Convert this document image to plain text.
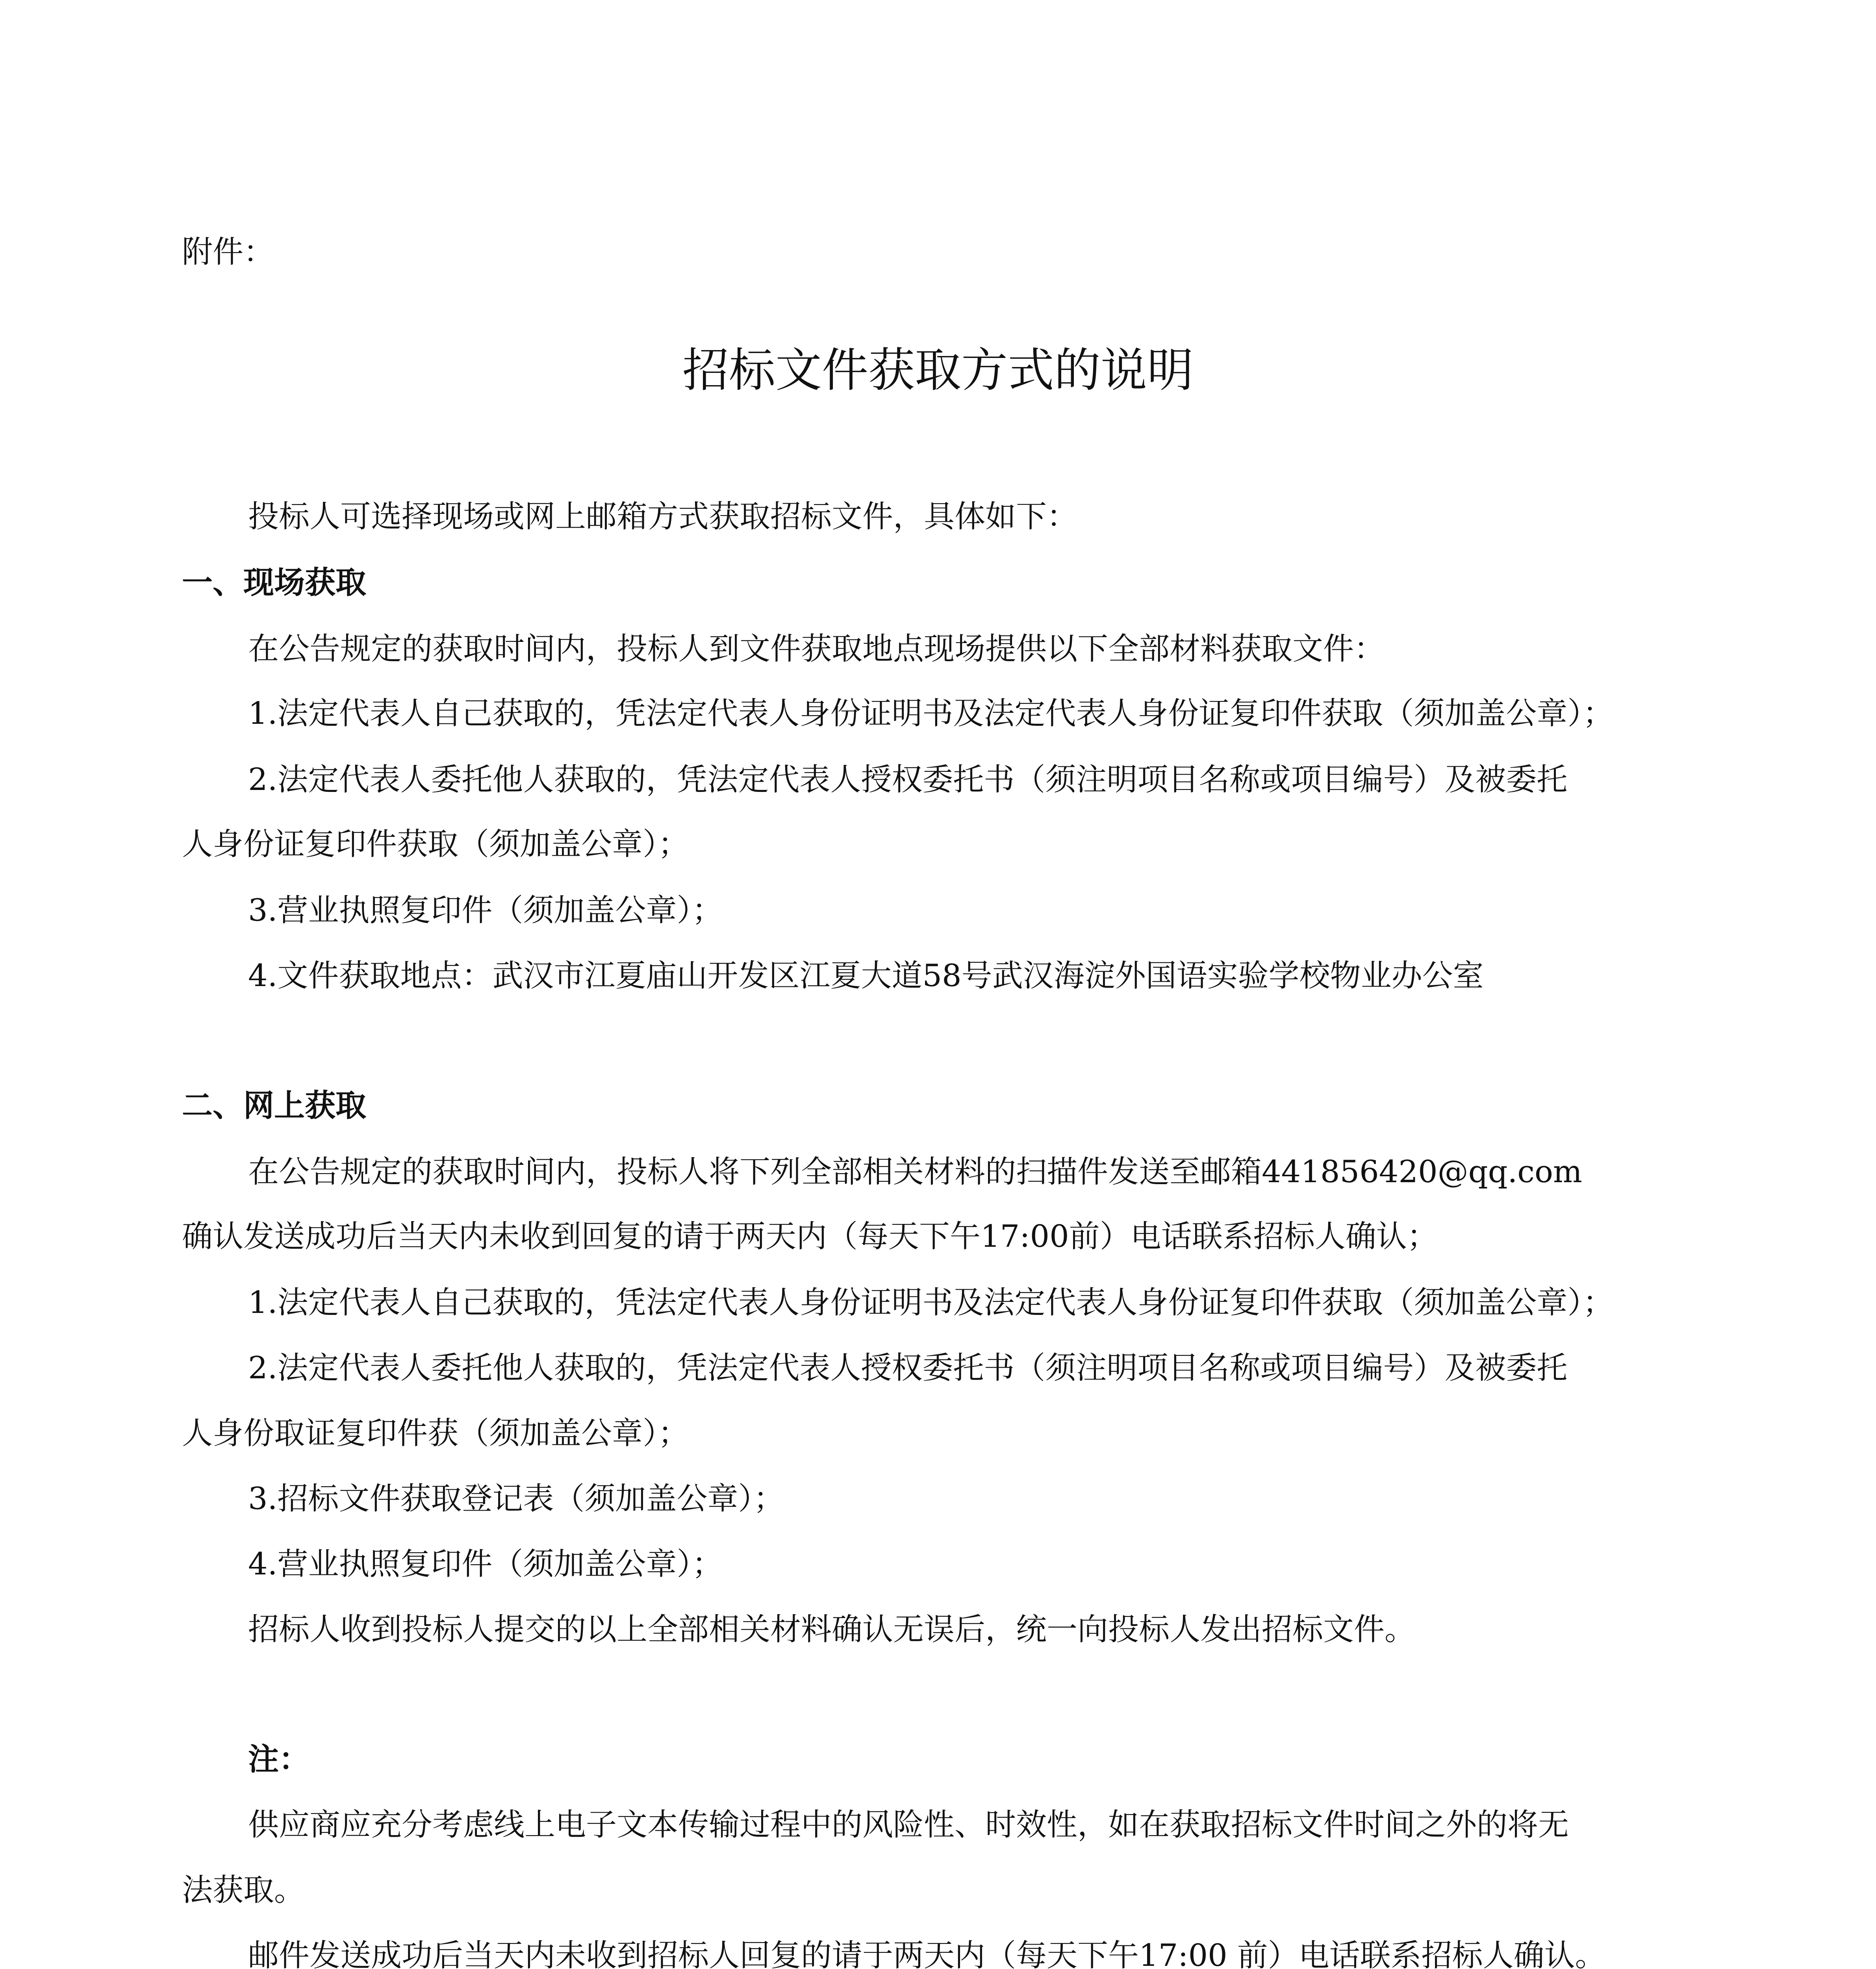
附件：
招标文件获取方式的说明
投标人可选择现场或网上邮箱方式获取招标文件，具体如下：
一、现场获取
在公告规定的获取时间内，投标人到文件获取地点现场提供以下全部材料获取文件：
1.法定代表人自己获取的，凭法定代表人身份证明书及法定代表人身份证复印件获取（须加盖公章）；
2.法定代表人委托他人获取的，凭法定代表人授权委托书（须注明项目名称或项目编号）及被委托
人身份证复印件获取（须加盖公章）；
3.营业执照复印件（须加盖公章）；
4.文件获取地点：武汉市江夏庙山开发区江夏大道58号武汉海淀外国语实验学校物业办公室
二、网上获取
在公告规定的获取时间内，投标人将下列全部相关材料的扫描件发送至邮箱441856420@qq.com
确认发送成功后当天内未收到回复的请于两天内（每天下午17:00前）电话联系招标人确认；
1.法定代表人自己获取的，凭法定代表人身份证明书及法定代表人身份证复印件获取（须加盖公章）；
2.法定代表人委托他人获取的，凭法定代表人授权委托书（须注明项目名称或项目编号）及被委托
人身份取证复印件获（须加盖公章）；
3.招标文件获取登记表（须加盖公章）；
4.营业执照复印件（须加盖公章）；
招标人收到投标人提交的以上全部相关材料确认无误后，统一向投标人发出招标文件。
注：
供应商应充分考虑线上电子文本传输过程中的风险性、时效性，如在获取招标文件时间之外的将无
法获取。
邮件发送成功后当天内未收到招标人回复的请于两天内（每天下午17:00 前）电话联系招标人确认。
